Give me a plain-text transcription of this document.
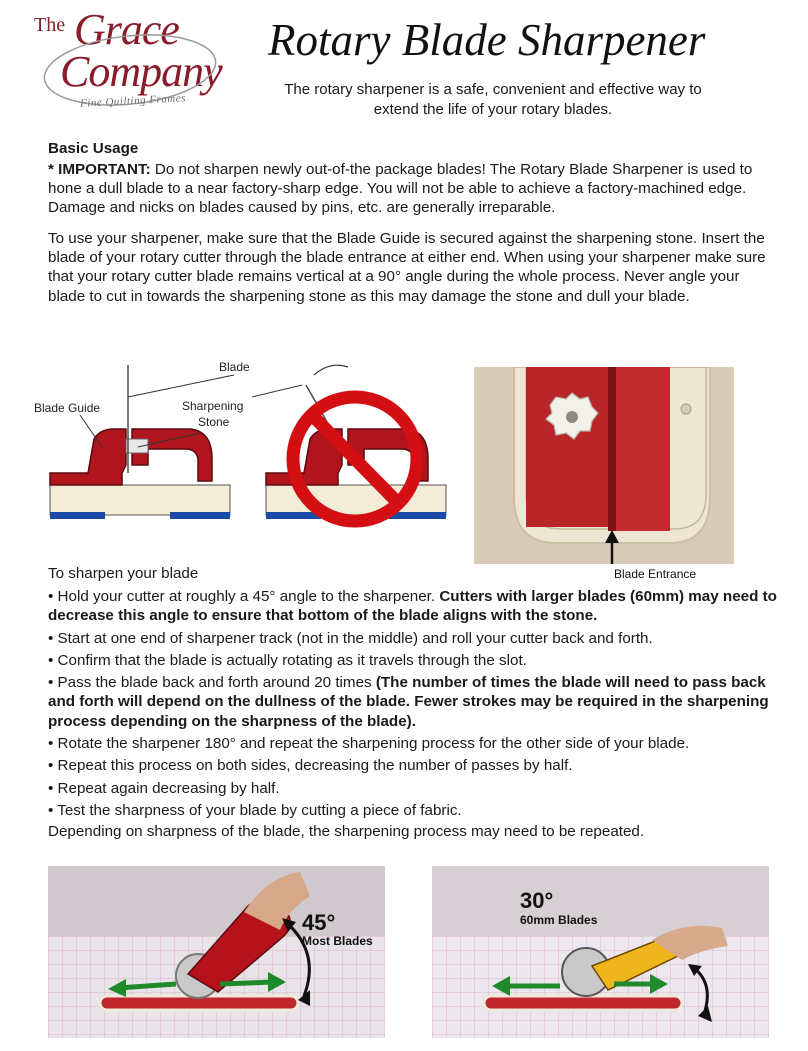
The Grace
Company
Fine Quilting Frames
Rotary Blade Sharpener
The rotary sharpener is a safe, convenient and effective way to extend the life of your rotary blades.
Basic Usage
* IMPORTANT: Do not sharpen newly out-of-the package blades! The Rotary Blade Sharpener is used to hone a dull blade to a near factory-sharp edge. You will not be able to achieve a factory-machined edge. Damage and nicks on blades caused by pins, etc. are generally irreparable.
To use your sharpener, make sure that the Blade Guide is secured against the sharpening stone. Insert the blade of your rotary cutter through the blade entrance at either end. When using your sharpener make sure that your rotary cutter blade remains vertical at a 90° angle during the whole process. Never angle your blade to cut in towards the sharpening stone as this may damage the stone and dull your blade.
Blade Guide	Sharpening
Stone
Blade
Blade Entrance
To sharpen your blade
• Hold your cutter at roughly a 45° angle to the sharpener. Cutters with larger blades (60mm) may need to decrease this angle to ensure that bottom of the blade aligns with the stone.
• Start at one end of sharpener track (not in the middle) and roll your cutter back and forth.
• Confirm that the blade is actually rotating as it travels through the slot.
• Pass the blade back and forth around 20 times (The number of times the blade will need to pass back and forth will depend on the dullness of the blade. Fewer strokes may be required in the sharpening process depending on the sharpness of the blade).
• Rotate the sharpener 180° and repeat the sharpening process for the other side of your blade.
• Repeat this process on both sides, decreasing the number of passes by half.
• Repeat again decreasing by half.
• Test the sharpness of your blade by cutting a piece of fabric.
Depending on sharpness of the blade, the sharpening process may need to be repeated.
45°
Most Blades
30°
60mm Blades
